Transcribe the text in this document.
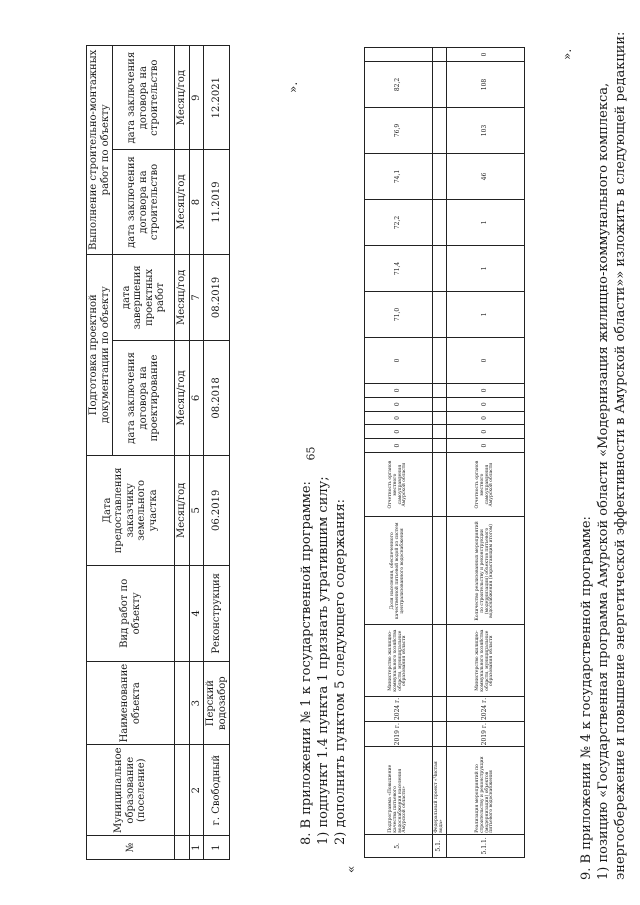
65
№	Муниципальное образование (поселение)	Наименование объекта	Вид работ по объекту	Дата предоставления заказчику земельного участка	Подготовка проектной документации по объекту		Выполнение строительно-монтажных работ по объекту	
					дата заключения договора на проектирование	дата завершения проектных работ	дата заключения договора на строительство	дата заключения договора на строительство
				Месяц/год	Месяц/год	Месяц/год	Месяц/год	Месяц/год
1	2	3	4	5	6	7	8	9
1	г. Свободный	Перский водозабор	Реконструкция	06.2019	08.2018	08.2019	11.2019	12.2021	».
8. В приложении № 1 к государственной программе: 1) подпункт 1.4 пункта 1 признать утратившим силу; 2) дополнить пунктом 5 следующего содержания:
«
5.	Подпрограмма «Повышение качества питьевого водоснабжения населения Амурской области»	2019 г.	2024 г.	Министерство жилищно-коммунального хозяйства области, муниципальные образования области	Доля населения, обеспеченного качественной питьевой водой из систем централизованного водоснабжения	Отчетность органов местного самоуправления Амурской области	0	0	0	0	0	0	71,0	71,4	72,2	74,1	76,9	82,2	
5.1.	Федеральный проект «Чистая вода»																		
5.1.1.	Реализация мероприятий по строительству и реконструкции (модернизации) объектов питьевого водоснабжения	2019 г.	2024 г.	Министерство жилищно-коммунального хозяйства области, муниципальные образования области	Количество реализованных мероприятий по строительству и реконструкции (модернизации) объектов питьевого водоснабжения (нарастающим итогом)	Отчетность органов местного самоуправления Амурской области	0	0	0	0	0	0	1	1	1	46	103	108	0	».
9. В приложении № 4 к государственной программе: 1) позицию «Государственная программа Амурской области «Модернизация жилищно-коммунального комплекса, энергосбережение и повышение энергетической эффективности в Амурской области»» изложить в следующей редакции:
